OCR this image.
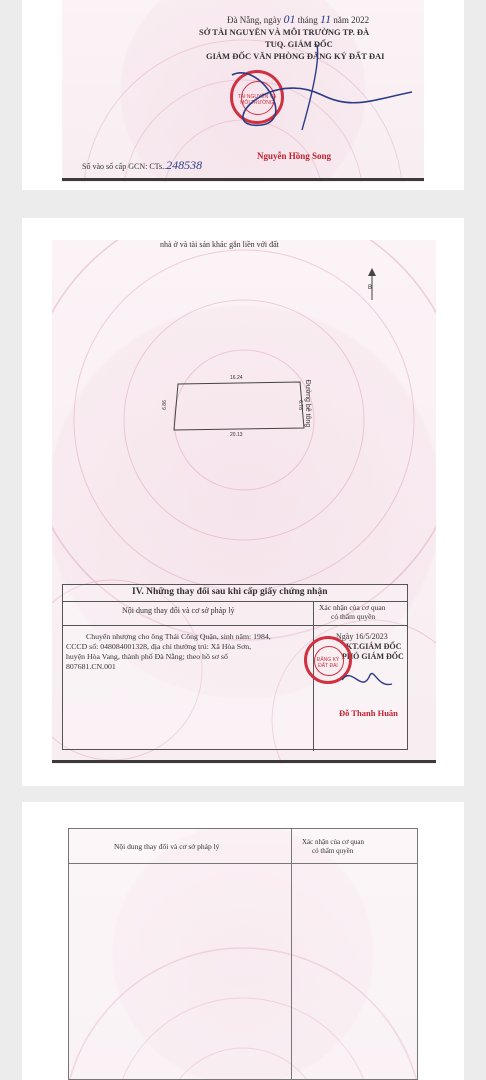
Đà Nẵng, ngày 01 tháng 11 năm 2022
SỞ TÀI NGUYÊN VÀ MÔI TRƯỜNG TP. ĐÀ
TUQ. GIÁM ĐỐC
GIÁM ĐỐC VĂN PHÒNG ĐĂNG KÝ ĐẤT ĐAI
TÀI NGUYÊN VÀ
MÔI TRƯỜNG
Số vào sổ cấp GCN: CTs..248538
Nguyễn Hồng Song
nhà ở và tài sản khác gắn liền với đất
B
16.24
20.13
6.86	6.78 Đường bê tông
IV. Những thay đổi sau khi cấp giấy chứng nhận
Nội dung thay đổi và cơ sở pháp lý	Xác nhận của cơ quan
có thẩm quyền
Chuyển nhượng cho ông Thái Công Quận, sinh năm: 1984,
CCCD số: 048084001328, địa chỉ thường trú: Xã Hòa Sơn,
huyện Hòa Vang, thành phố Đà Nẵng; theo hồ sơ số
807681.CN.001
Ngày 16/5/2023
KT.GIÁM ĐỐC
PHÓ GIÁM ĐỐC
ĐĂNG KÝ
ĐẤT ĐAI
Đỗ Thanh Huân
Nội dung thay đổi và cơ sở pháp lý	Xác nhận của cơ quan
có thẩm quyền
